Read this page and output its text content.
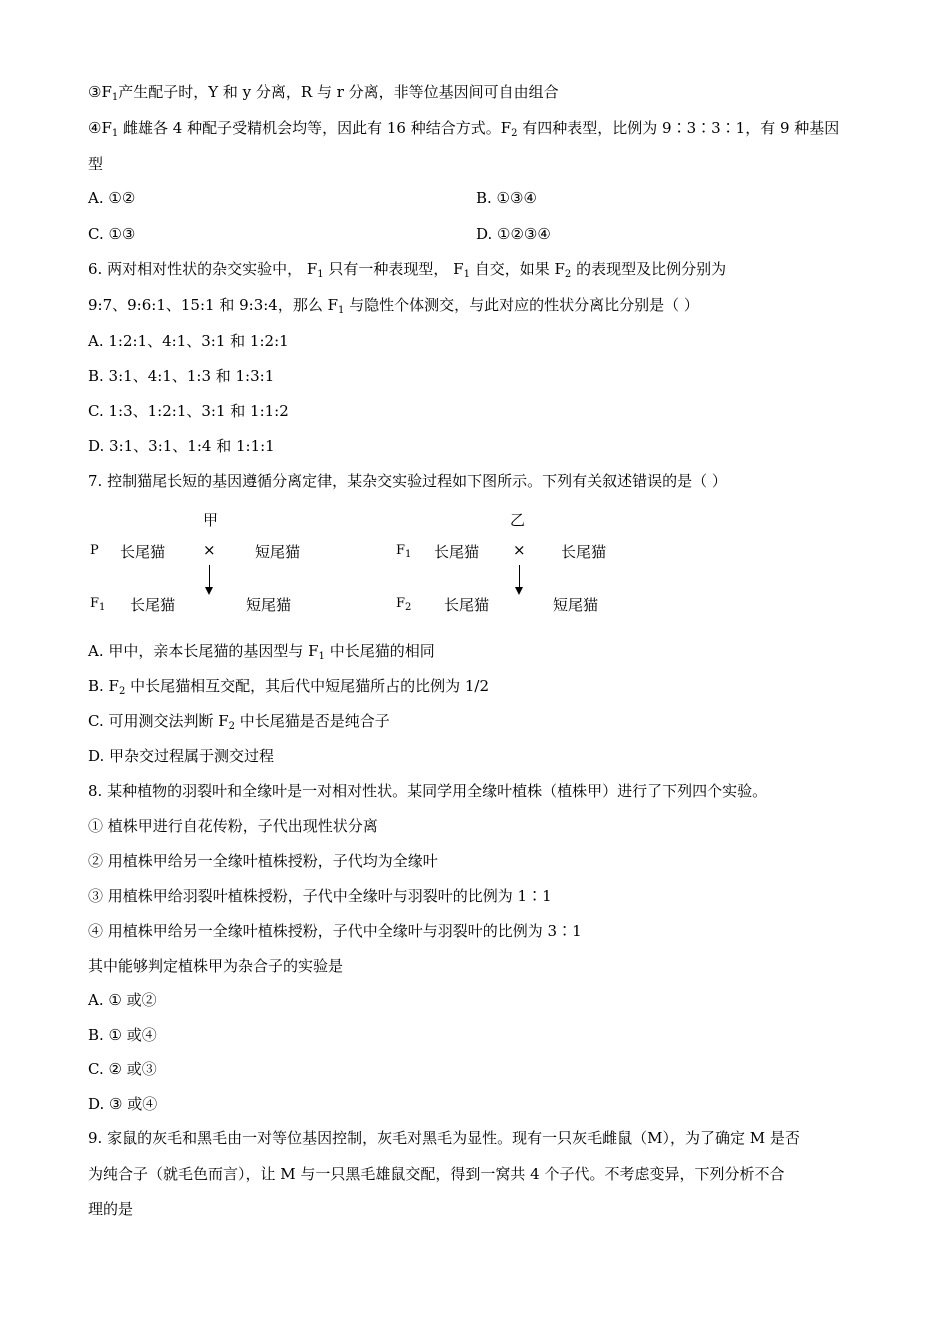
$③F_1$产生配子时，Y 和 y 分离，R 与 r 分离，非等位基因间可自由组合
$④F_1$ 雌雄各 4 种配子受精机会均等，因此有 16 种结合方式。$F_2$ 有四种表型，比例为 9∶3∶3∶1，有 9 种基因
型
A. ①②	B. ①③④
C. ①③	D. ①②③④
6. 两对相对性状的杂交实验中， $F_1$ 只有一种表现型， $F_1$ 自交，如果 $F_2$ 的表现型及比例分别为
9:7、9:6:1、15:1 和 9:3:4，那么 $F_1$ 与隐性个体测交，与此对应的性状分离比分别是（ ）
A. 1:2:1、4:1、3:1 和 1:2:1
B. 3:1、4:1、1:3 和 1:3:1
C. 1:3、1:2:1、3:1 和 1:1:2
D. 3:1、3:1、1:4 和 1:1:1
7. 控制猫尾长短的基因遵循分离定律，某杂交实验过程如下图所示。下列有关叙述错误的是（ ）
甲
P 长尾猫	×	短尾猫
$F_1$ 长尾猫	短尾猫
乙
$F_1$ 长尾猫 × 长尾猫
$F_2$ 长尾猫	短尾猫
A. 甲中，亲本长尾猫的基因型与 $F_1$ 中长尾猫的相同
B. $F_2$ 中长尾猫相互交配，其后代中短尾猫所占的比例为 1/2
C. 可用测交法判断 $F_2$ 中长尾猫是否是纯合子
D. 甲杂交过程属于测交过程
8. 某种植物的羽裂叶和全缘叶是一对相对性状。某同学用全缘叶植株（植株甲）进行了下列四个实验。
① 植株甲进行自花传粉，子代出现性状分离
② 用植株甲给另一全缘叶植株授粉，子代均为全缘叶
③ 用植株甲给羽裂叶植株授粉，子代中全缘叶与羽裂叶的比例为 1∶1
④ 用植株甲给另一全缘叶植株授粉，子代中全缘叶与羽裂叶的比例为 3∶1
其中能够判定植株甲为杂合子的实验是
A. ① 或②
B. ① 或④
C. ② 或③
D. ③ 或④
9. 家鼠的灰毛和黑毛由一对等位基因控制，灰毛对黑毛为显性。现有一只灰毛雌鼠（M），为了确定 M 是否
为纯合子（就毛色而言），让 M 与一只黑毛雄鼠交配，得到一窝共 4 个子代。不考虑变异，下列分析不合
理的是
